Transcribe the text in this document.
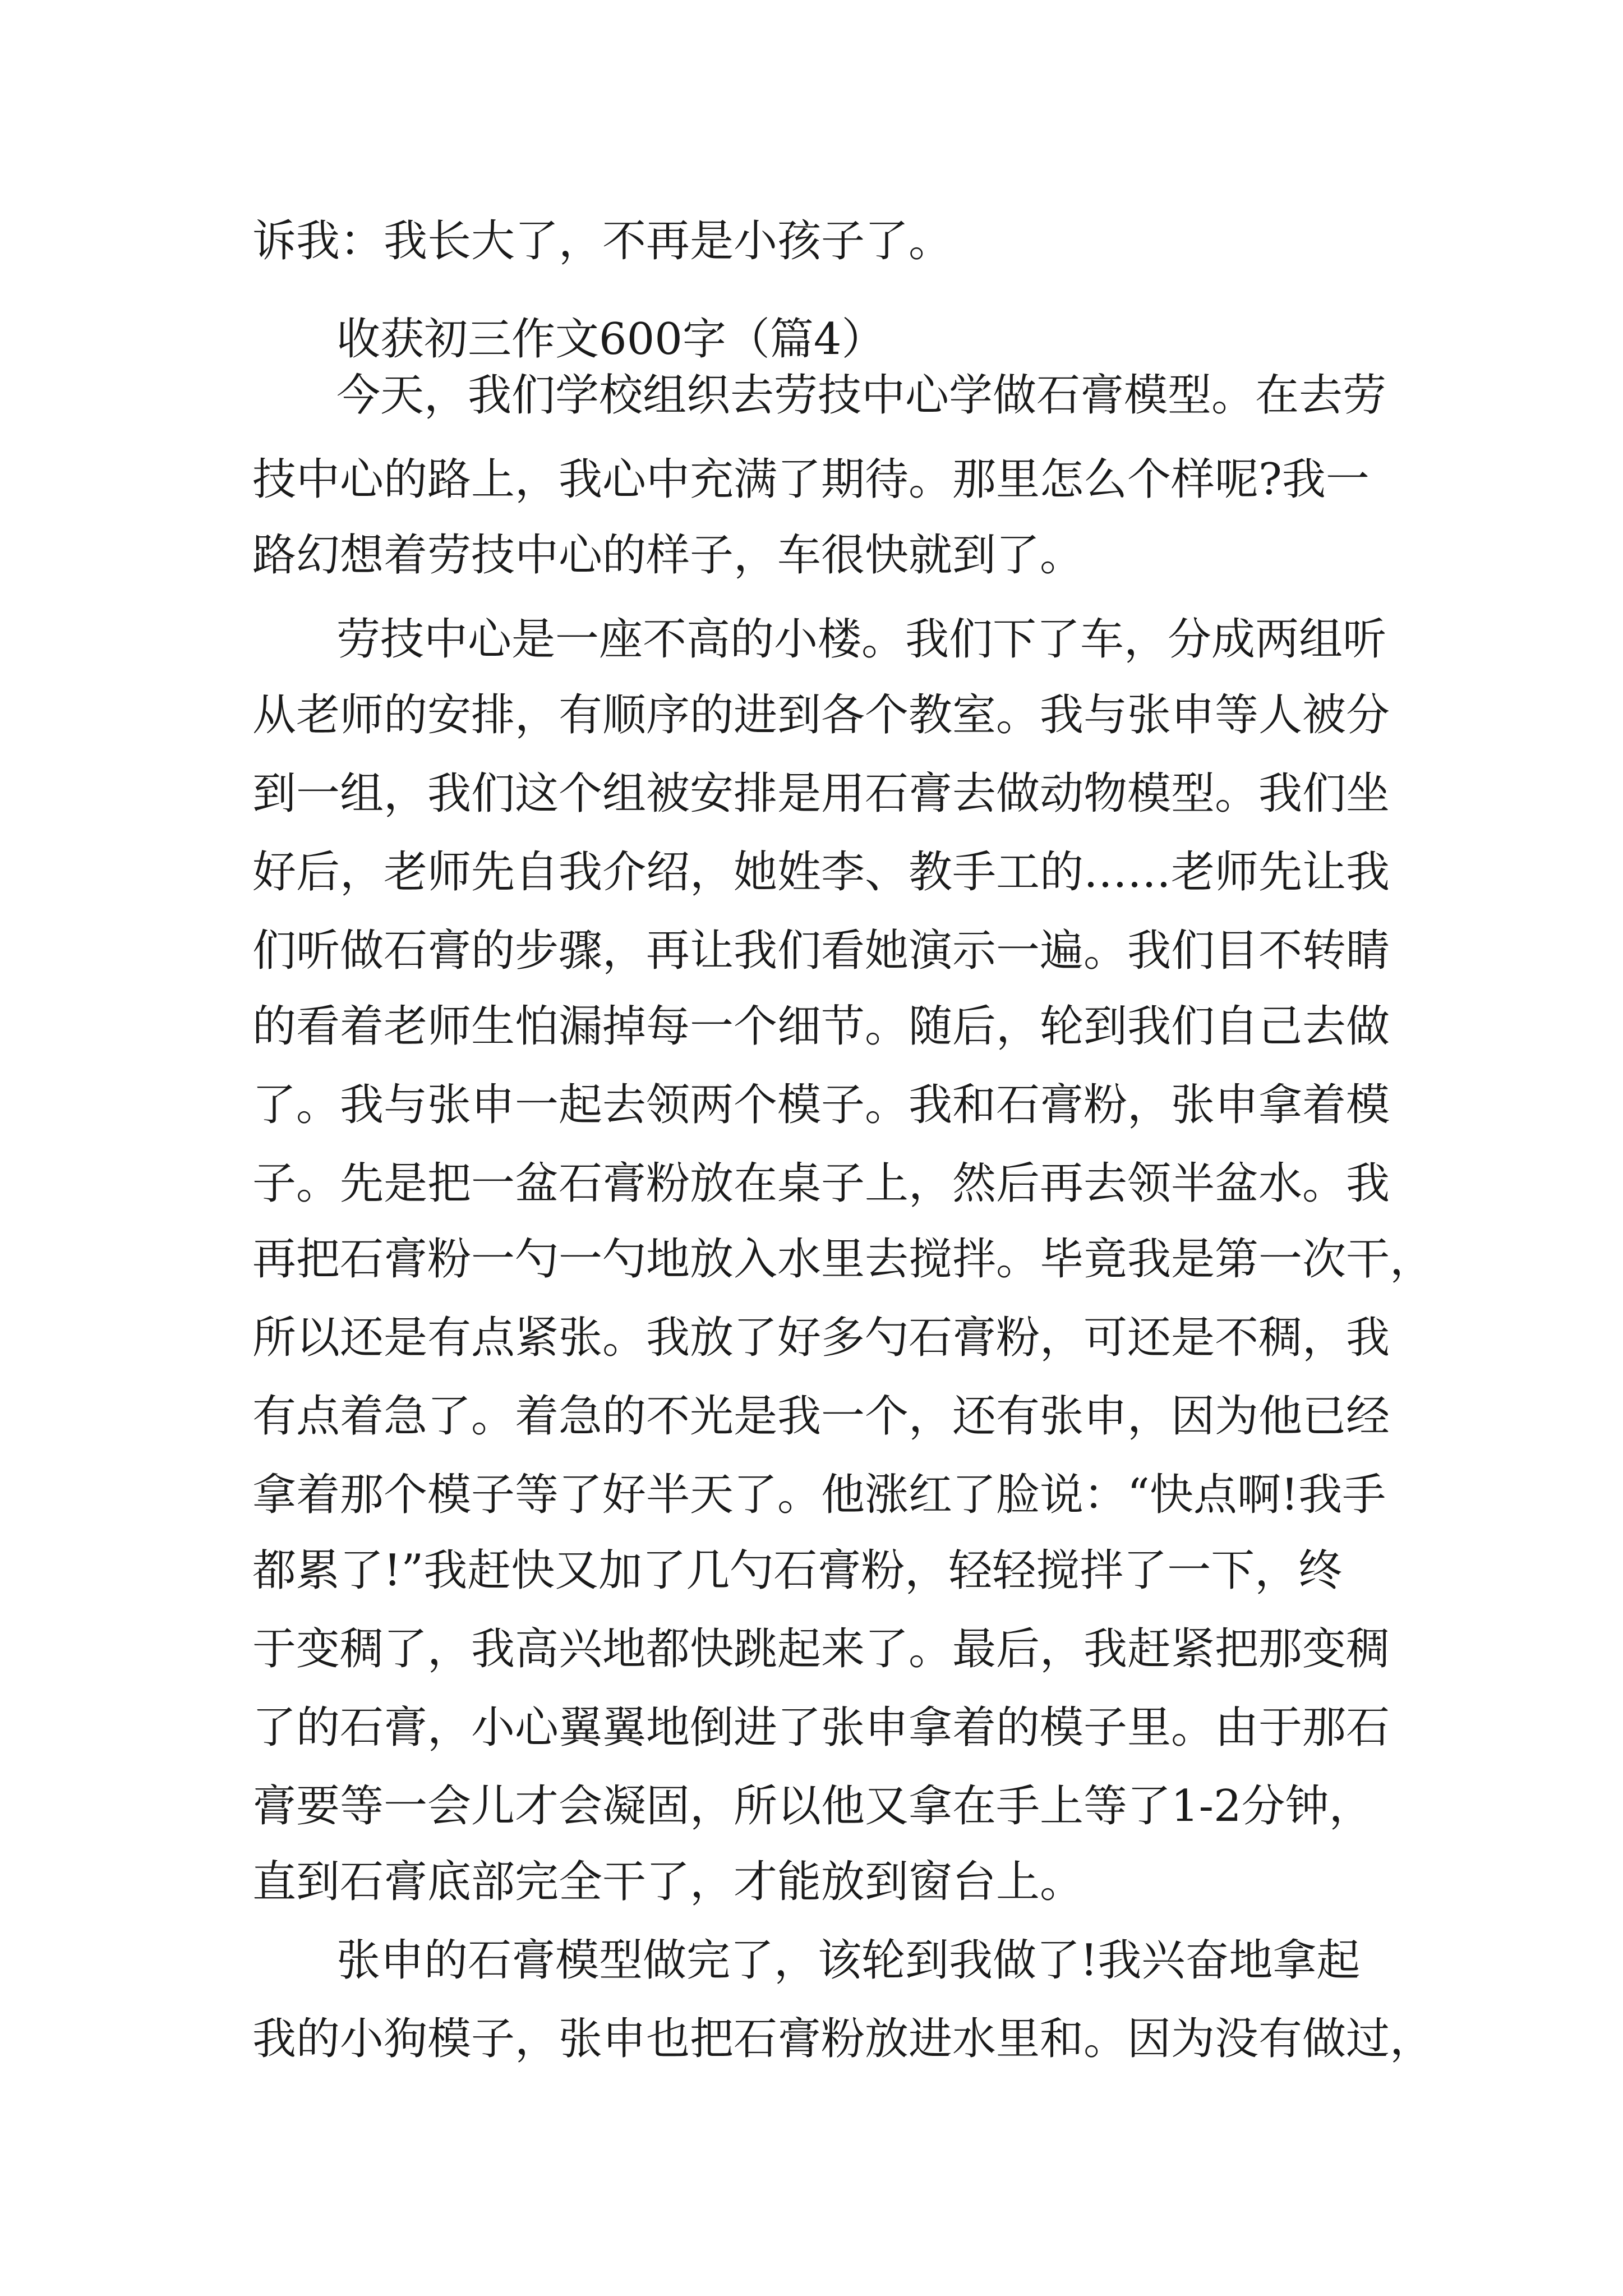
诉我：我长大了，不再是小孩子了。
收获初三作文600字（篇4）
今天，我们学校组织去劳技中心学做石膏模型。在去劳
技中心的路上，我心中充满了期待。那里怎么个样呢?我一
路幻想着劳技中心的样子，车很快就到了。
劳技中心是一座不高的小楼。我们下了车，分成两组听
从老师的安排，有顺序的进到各个教室。我与张申等人被分
到一组，我们这个组被安排是用石膏去做动物模型。我们坐
好后，老师先自我介绍，她姓李、教手工的……老师先让我
们听做石膏的步骤，再让我们看她演示一遍。我们目不转睛
的看着老师生怕漏掉每一个细节。随后，轮到我们自己去做
了。我与张申一起去领两个模子。我和石膏粉，张申拿着模
子。先是把一盆石膏粉放在桌子上，然后再去领半盆水。我
再把石膏粉一勺一勺地放入水里去搅拌。毕竟我是第一次干，
所以还是有点紧张。我放了好多勺石膏粉，可还是不稠，我
有点着急了。着急的不光是我一个，还有张申，因为他已经
拿着那个模子等了好半天了。他涨红了脸说：“快点啊!我手
都累了!”我赶快又加了几勺石膏粉，轻轻搅拌了一下，终
于变稠了，我高兴地都快跳起来了。最后，我赶紧把那变稠
了的石膏，小心翼翼地倒进了张申拿着的模子里。由于那石
膏要等一会儿才会凝固，所以他又拿在手上等了1-2分钟，
直到石膏底部完全干了，才能放到窗台上。
张申的石膏模型做完了，该轮到我做了!我兴奋地拿起
我的小狗模子，张申也把石膏粉放进水里和。因为没有做过，
